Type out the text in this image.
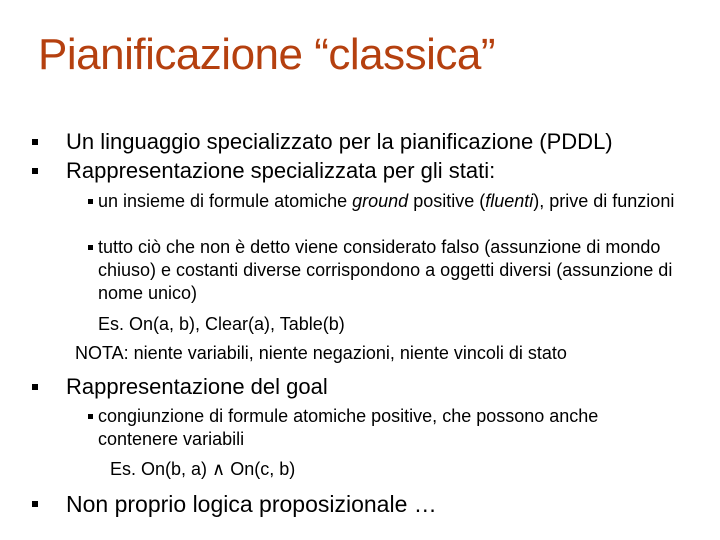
Pianificazione “classica”
Un linguaggio specializzato per la pianificazione (PDDL)
Rappresentazione specializzata per gli stati:
un insieme di formule atomiche ground positive (fluenti), prive di funzioni
tutto ciò che non è detto viene considerato falso (assunzione di mondo chiuso) e costanti diverse corrispondono a oggetti diversi (assunzione di nome unico)
Es. On(a, b), Clear(a), Table(b)
NOTA: niente variabili, niente negazioni, niente vincoli di stato
Rappresentazione del goal
congiunzione di formule atomiche positive, che possono anche contenere variabili
Es. On(b, a) ∧ On(c, b)
Non proprio logica proposizionale …
